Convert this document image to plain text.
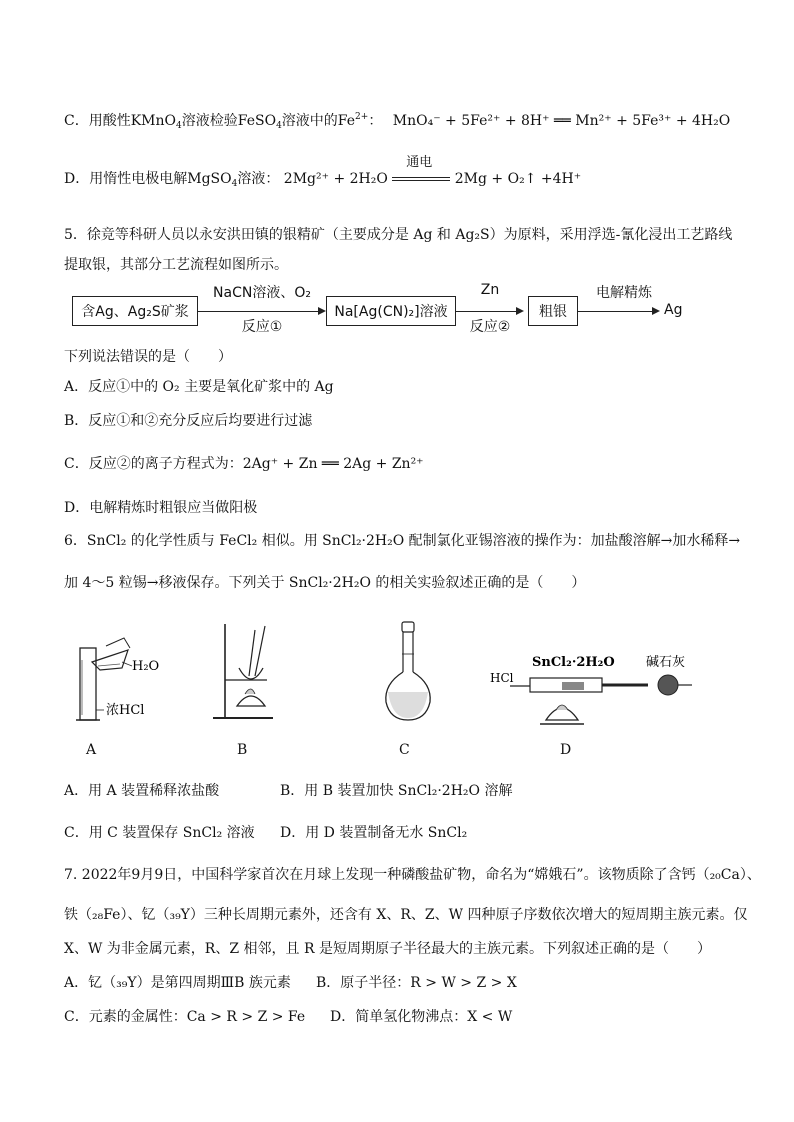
C．用酸性KMnO$_4$溶液检验FeSO$_4$溶液中的$Fe^{2+}$： MnO₄⁻ + 5Fe²⁺ + 8H⁺ ══ Mn²⁺ + 5Fe³⁺ + 4H₂O
D．用惰性电极电解MgSO$_4$溶液： 2Mg²⁺ + 2H₂O
通电
2Mg + O₂↑ +4H⁺
5．徐竞等科研人员以永安洪田镇的银精矿（主要成分是 Ag 和 Ag₂S）为原料，采用浮选-氰化浸出工艺路线
提取银，其部分工艺流程如图所示。
含Ag、Ag₂S矿浆
NaCN溶液、O₂
反应①
Na[Ag(CN)₂]溶液
Zn
反应②
粗银
电解精炼
Ag
下列说法错误的是（　　）
A．反应①中的 O₂ 主要是氧化矿浆中的 Ag
B．反应①和②充分反应后均要进行过滤
C．反应②的离子方程式为：2Ag⁺ + Zn ══ 2Ag + Zn²⁺
D．电解精炼时粗银应当做阳极
6．SnCl₂ 的化学性质与 FeCl₂ 相似。用 SnCl₂·2H₂O 配制氯化亚锡溶液的操作为：加盐酸溶解→加水稀释→
加 4～5 粒锡→移液保存。下列关于 SnCl₂·2H₂O 的相关实验叙述正确的是（　　）
H₂O
浓HCl
HCl
SnCl₂·2H₂O 碱石灰
A	B	C	D
A．用 A 装置稀释浓盐酸	B．用 B 装置加快 SnCl₂·2H₂O 溶解
C．用 C 装置保存 SnCl₂ 溶液 D．用 D 装置制备无水 SnCl₂
7. 2022年9月9日，中国科学家首次在月球上发现一种磷酸盐矿物，命名为“嫦娥石”。该物质除了含钙（₂₀Ca）、
铁（₂₈Fe）、钇（₃₉Y）三种长周期元素外，还含有 X、R、Z、W 四种原子序数依次增大的短周期主族元素。仅
X、W 为非金属元素，R、Z 相邻，且 R 是短周期原子半径最大的主族元素。下列叙述正确的是（　　）
A．钇（₃₉Y）是第四周期ⅢB 族元素 B．原子半径：R > W > Z > X
C．元素的金属性：Ca > R > Z > Fe D．简单氢化物沸点：X < W
